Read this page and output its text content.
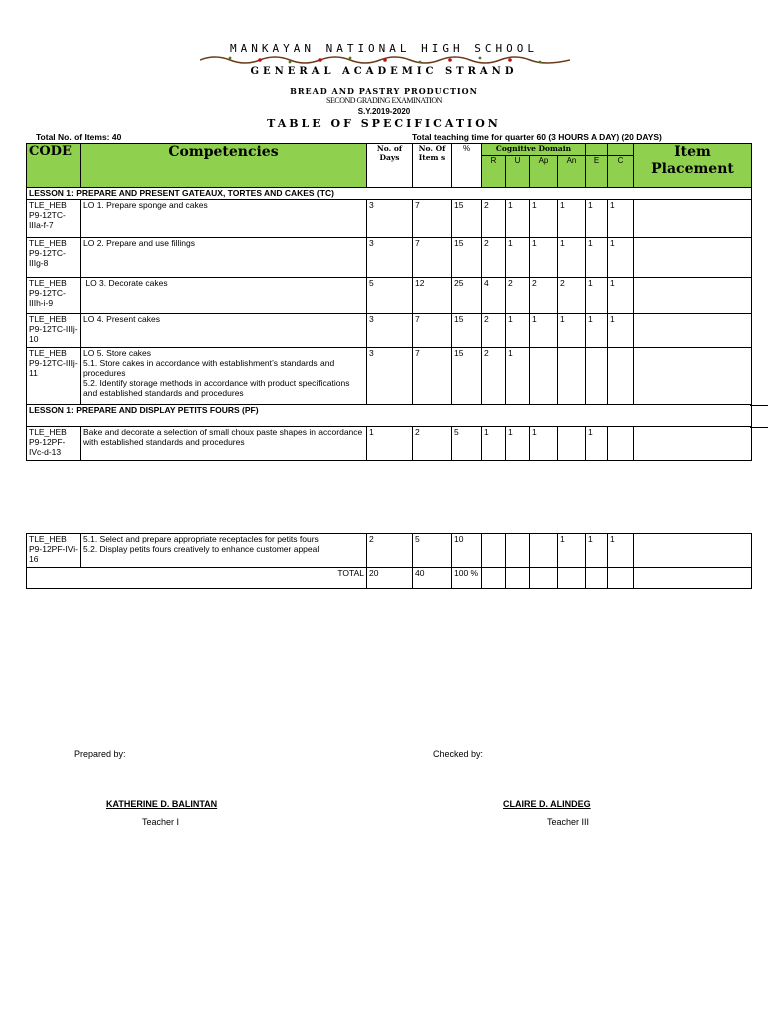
MANKAYAN NATIONAL HIGH SCHOOL
GENERAL ACADEMIC STRAND
BREAD AND PASTRY PRODUCTION
SECOND GRADING EXAMINATION
S.Y.2019-2020
TABLE OF SPECIFICATION
Total No. of Items: 40	Total teaching time for quarter 60 (3 HOURS A DAY) (20 DAYS)
CODE	Competencies	No. of Days	No. Of Item s	%	Cognitive Domain						Item Placement
					R	U	Ap	An	E	C	
LESSON 1: PREPARE AND PRESENT GATEAUX, TORTES AND CAKES (TC)											
TLE_HEB P9-12TC-IIIa-f-7	LO 1. Prepare sponge and cakes	3	7	15	2	1	1	1	1	1	
TLE_HEB P9-12TC-IIIg-8	LO 2. Prepare and use fillings	3	7	15	2	1	1	1	1	1	
TLE_HEB P9-12TC-IIIh-i-9	LO 3. Decorate cakes	5	12	25	4	2	2	2	1	1	
TLE_HEB P9-12TC-IIIj-10	LO 4. Present cakes	3	7	15	2	1	1	1	1	1	
TLE_HEB P9-12TC-IIIj-11	LO 5. Store cakes
5.1. Store cakes in accordance with establishment’s standards and procedures
5.2. Identify storage methods in accordance with product specifications and established standards and procedures	3	7	15	2	1					
LESSON 1: PREPARE AND DISPLAY PETITS FOURS (PF)											
TLE_HEB P9-12PF-IVc-d-13	Bake and decorate a selection of small choux paste shapes in accordance with established standards and procedures	1	2	5	1	1	1		1		
TLE_HEB P9-12PF-IVi-16	5.1. Select and prepare appropriate receptacles for petits fours
5.2. Display petits fours creatively to enhance customer appeal	2	5	10				1	1	1	
TOTAL		20	40	100 %							
Prepared by:	Checked by:
KATHERINE D. BALINTAN	CLAIRE D. ALINDEG
Teacher I	Teacher III
